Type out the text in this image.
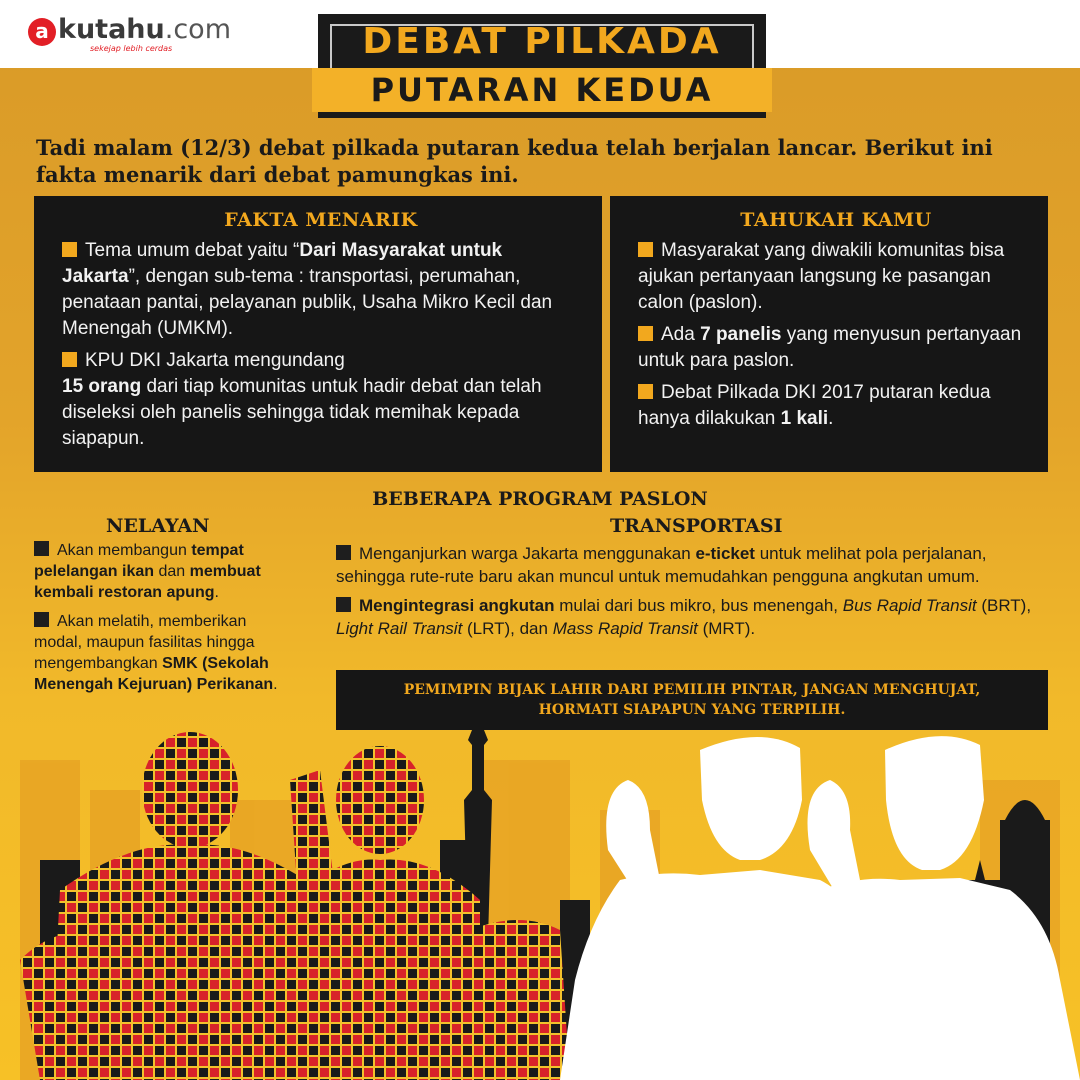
a kutahu.com
sekejap lebih cerdas	DEBAT PILKADA
PUTARAN KEDUA
Tadi malam (12/3) debat pilkada putaran kedua telah berjalan lancar. Berikut ini fakta menarik dari debat pamungkas ini.
FAKTA MENARIK
Tema umum debat yaitu “Dari Masyarakat untuk Jakarta”, dengan sub-tema : transportasi, perumahan, penataan pantai, pelayanan publik, Usaha Mikro Kecil dan Menengah (UMKM).
KPU DKI Jakarta mengundang
15 orang dari tiap komunitas untuk hadir debat dan telah diseleksi oleh panelis sehingga tidak memihak kepada siapapun.
TAHUKAH KAMU
Masyarakat yang diwakili komunitas bisa ajukan pertanyaan langsung ke pasangan calon (paslon).
Ada 7 panelis yang menyusun pertanyaan untuk para paslon.
Debat Pilkada DKI 2017 putaran kedua hanya dilakukan 1 kali.
BEBERAPA PROGRAM PASLON
NELAYAN	TRANSPORTASI
Akan membangun tempat pelelangan ikan dan membuat kembali restoran apung.
Akan melatih, memberikan modal, maupun fasilitas hingga mengembangkan SMK (Sekolah Menengah Kejuruan) Perikanan.
Menganjurkan warga Jakarta menggunakan e-ticket untuk melihat pola perjalanan, sehingga rute-rute baru akan muncul untuk memudahkan pengguna angkutan umum.
Mengintegrasi angkutan mulai dari bus mikro, bus menengah, Bus Rapid Transit (BRT), Light Rail Transit (LRT), dan Mass Rapid Transit (MRT).
PEMIMPIN BIJAK LAHIR DARI PEMILIH PINTAR, JANGAN MENGHUJAT,
HORMATI SIAPAPUN YANG TERPILIH.
